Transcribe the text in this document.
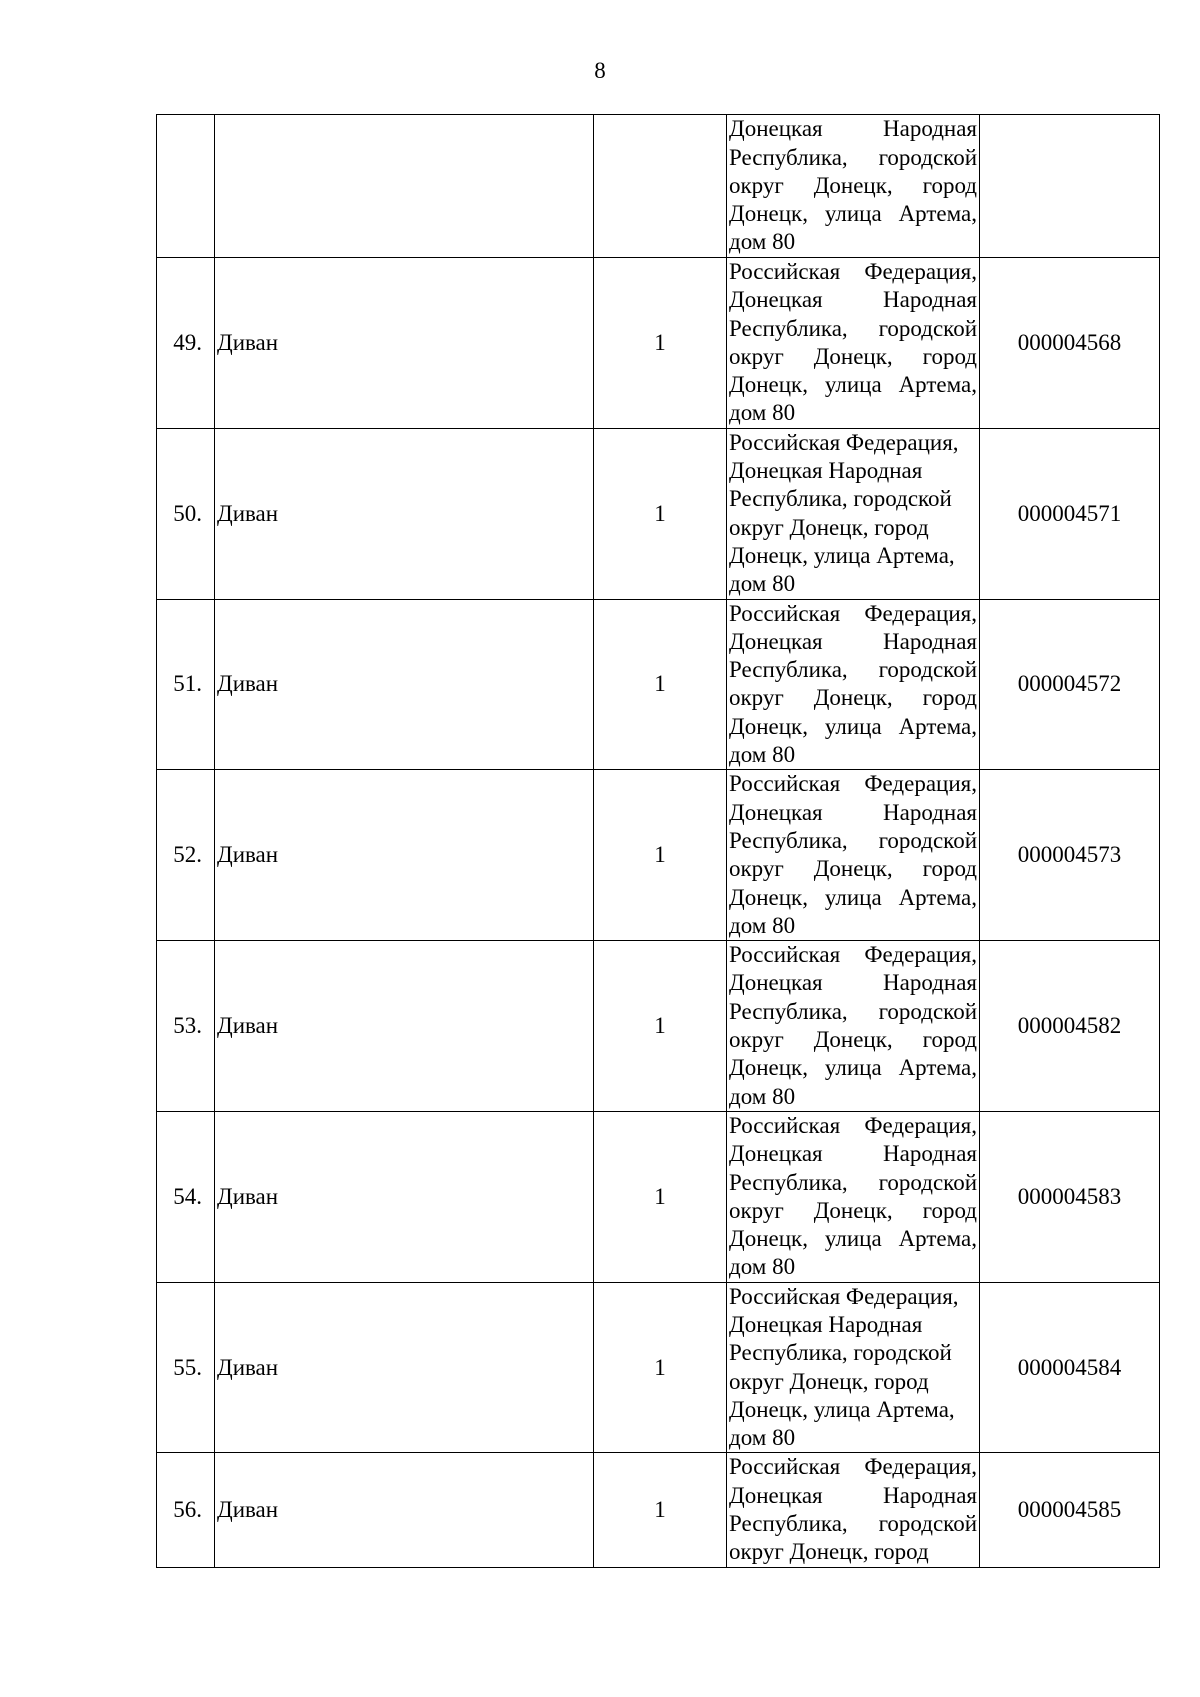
8

			Донецкая Народная Республика, городской округ Донецк, город Донецк, улица Артема, дом 80	

49.	Диван	1	Российская Федерация, Донецкая Народная Республика, городской округ Донецк, город Донецк, улица Артема, дом 80	000004568
50.	Диван	1	Российская Федерация, Донецкая Народная Республика, городской округ Донецк, город Донецк, улица Артема, дом 80	000004571
51.	Диван	1	Российская Федерация, Донецкая Народная Республика, городской округ Донецк, город Донецк, улица Артема, дом 80	000004572
52.	Диван	1	Российская Федерация, Донецкая Народная Республика, городской округ Донецк, город Донецк, улица Артема, дом 80	000004573
53.	Диван	1	Российская Федерация, Донецкая Народная Республика, городской округ Донецк, город Донецк, улица Артема, дом 80	000004582
54.	Диван	1	Российская Федерация, Донецкая Народная Республика, городской округ Донецк, город Донецк, улица Артема, дом 80	000004583
55.	Диван	1	Российская Федерация, Донецкая Народная Республика, городской округ Донецк, город Донецк, улица Артема, дом 80	000004584
56.	Диван	1	Российская Федерация, Донецкая Народная Республика, городской округ Донецк, город	000004585
